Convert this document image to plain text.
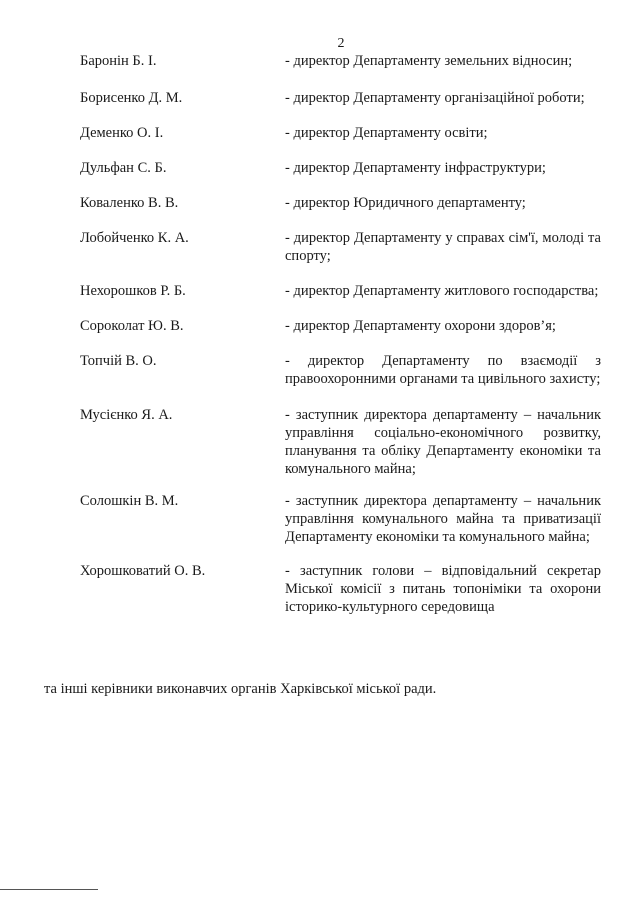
2
Баронін Б. І.	- директор Департаменту земельних відносин;
Борисенко Д. М.	- директор Департаменту організаційної роботи;
Деменко О. І.	- директор Департаменту освіти;
Дульфан С. Б.	- директор Департаменту інфраструктури;
Коваленко В. В.	- директор Юридичного департаменту;
Лобойченко К. А.	- директор Департаменту у справах сім'ї, молоді та спорту;
Нехорошков Р. Б.	- директор Департаменту житлового господарства;
Сороколат Ю. В.	- директор Департаменту охорони здоров’я;
Топчій В. О.	- директор Департаменту по взаємодії з правоохоронними органами та цивільного захисту;
Мусієнко Я. А.	- заступник директора департаменту – начальник управління соціально-економічного розвитку, планування та обліку Департаменту економіки та комунального майна;
Солошкін В. М.	- заступник директора департаменту – начальник управління комунального майна та приватизації Департаменту економіки та комунального майна;
Хорошковатий О. В.	- заступник голови – відповідальний секретар Міської комісії з питань топоніміки та охорони історико-культурного середовища
та інші керівники виконавчих органів Харківської міської ради.
